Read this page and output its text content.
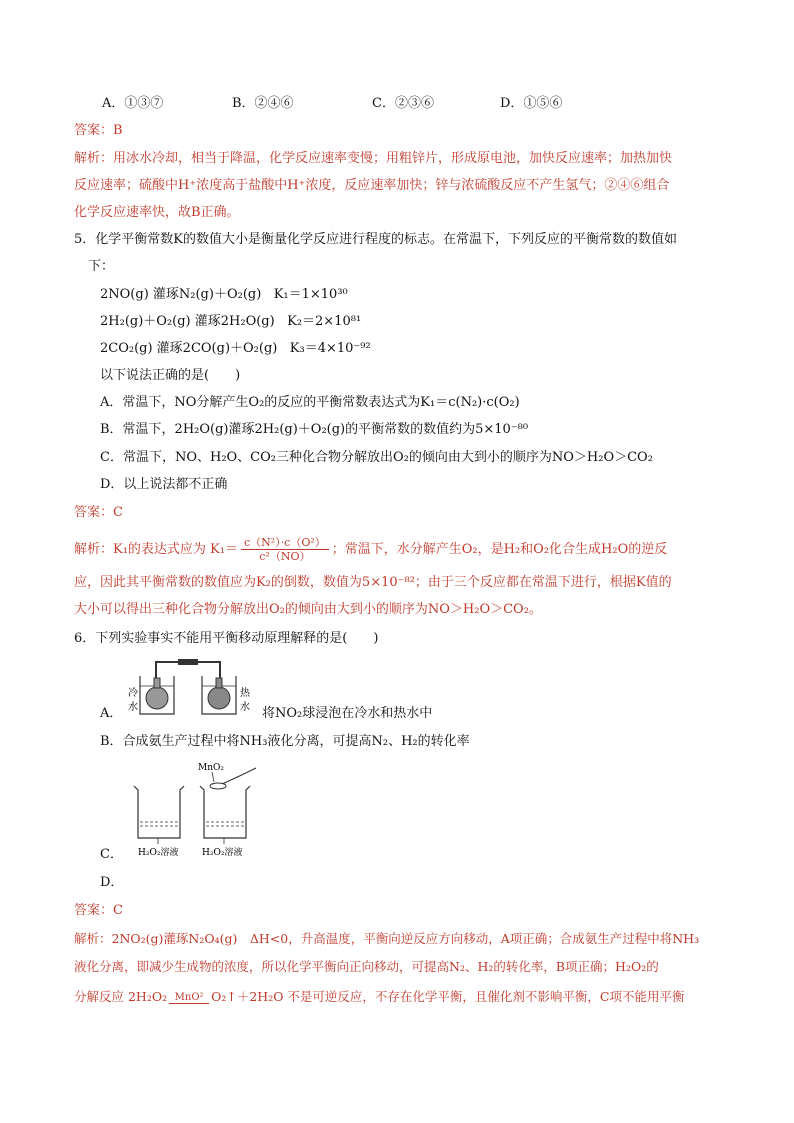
A．①③⑦	B．②④⑥	C．②③⑥	D．①⑤⑥
答案：B
解析：用冰水冷却，相当于降温，化学反应速率变慢；用粗锌片，形成原电池，加快反应速率；加热加快
反应速率；硫酸中H⁺浓度高于盐酸中H⁺浓度，反应速率加快；锌与浓硫酸反应不产生氢气；②④⑥组合
化学反应速率快，故B正确。
5．化学平衡常数K的数值大小是衡量化学反应进行程度的标志。在常温下，下列反应的平衡常数的数值如
下：
2NO(g) 灌琢N₂(g)＋O₂(g) K₁＝1×10³⁰
2H₂(g)＋O₂(g) 灌琢2H₂O(g) K₂＝2×10⁸¹
2CO₂(g) 灌琢2CO(g)＋O₂(g) K₃＝4×10⁻⁹²
以下说法正确的是(　　)
A．常温下，NO分解产生O₂的反应的平衡常数表达式为K₁＝c(N₂)·c(O₂)
B．常温下，2H₂O(g)灌琢2H₂(g)＋O₂(g)的平衡常数的数值约为5×10⁻⁸⁰
C．常温下，NO、H₂O、CO₂三种化合物分解放出O₂的倾向由大到小的顺序为NO＞H₂O＞CO₂
D．以上说法都不正确
答案：C
解析：K₁的表达式应为 $K_1= \frac{\text{c（N²）·c（O²）}}{\text{c²（NO）}}$ ；常温下，水分解产生O₂，是H₂和O₂化合生成H₂O的逆反
应，因此其平衡常数的数值应为K₂的倒数，数值为5×10⁻⁸²；由于三个反应都在常温下进行，根据K值的
大小可以得出三种化合物分解放出O₂的倾向由大到小的顺序为NO＞H₂O＞CO₂。
6．下列实验事实不能用平衡移动原理解释的是(　　)
冷
水
热
水
A．	将NO₂球浸泡在冷水和热水中
B．合成氨生产过程中将NH₃液化分离，可提高N₂、H₂的转化率
MnO₂
H₂O₂溶液	H₂O₂溶液
C．
D．
答案：C
解析：2NO₂(g)灌琢N₂O₄(g)　ΔH<0，升高温度，平衡向逆反应方向移动，A项正确；合成氨生产过程中将NH₃
液化分离，即减少生成物的浓度，所以化学平衡向正向移动，可提高N₂、H₂的转化率，B项正确；H₂O₂的
分解反应 2H₂O₂ MnO² O₂↑＋2H₂O 不是可逆反应，不存在化学平衡，且催化剂不影响平衡，C项不能用平衡
